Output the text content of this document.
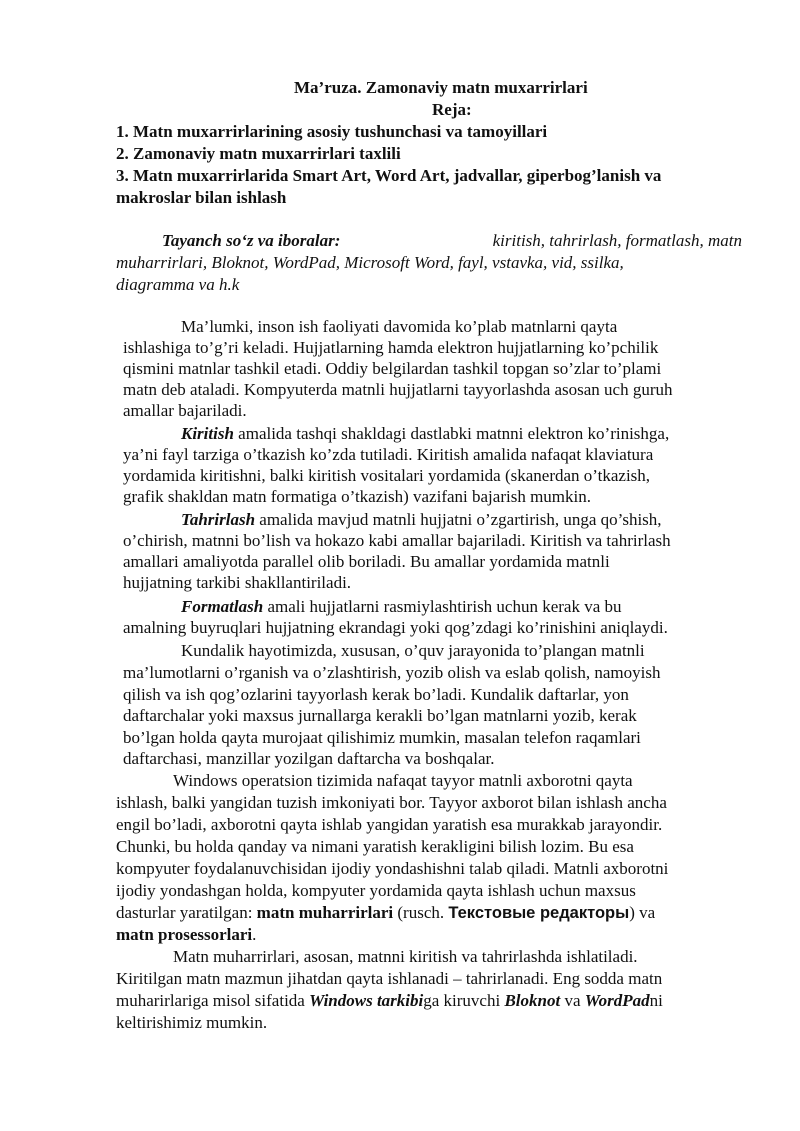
Ma’ruza. Zamonaviy matn muxarrirlari
Reja:
1. Matn muxarrirlarining asosiy tushunchasi va tamoyillari
2. Zamonaviy matn muxarrirlari taxlili
3. Matn muxarrirlarida Smart Art, Word Art, jadvallar, giperbog’lanish va
makroslar bilan ishlash
Tayanch so‘z va iboralar:	kiritish, tahrirlash, formatlash, matn
muharrirlari, Bloknot, WordPad, Microsoft Word, fayl, vstavka, vid, ssilka,
diagramma va h.k
Ma’lumki, inson ish faoliyati davomida ko’plab matnlarni qayta
ishlashiga to’g’ri keladi. Hujjatlarning hamda elektron hujjatlarning ko’pchilik
qismini matnlar tashkil etadi. Oddiy belgilardan tashkil topgan so’zlar to’plami
matn deb ataladi. Kompyuterda matnli hujjatlarni tayyorlashda asosan uch guruh
amallar bajariladi.
Kiritish amalida tashqi shakldagi dastlabki matnni elektron ko’rinishga,
ya’ni fayl tarziga o’tkazish ko’zda tutiladi. Kiritish amalida nafaqat klaviatura
yordamida kiritishni, balki kiritish vositalari yordamida (skanerdan o’tkazish,
grafik shakldan matn formatiga o’tkazish) vazifani bajarish mumkin.
Tahrirlash amalida mavjud matnli hujjatni o’zgartirish, unga qo’shish,
o’chirish, matnni bo’lish va hokazo kabi amallar bajariladi. Kiritish va tahrirlash
amallari amaliyotda parallel olib boriladi. Bu amallar yordamida matnli
hujjatning tarkibi shakllantiriladi.
Formatlash amali hujjatlarni rasmiylashtirish uchun kerak va bu
amalning buyruqlari hujjatning ekrandagi yoki qog’zdagi ko’rinishini aniqlaydi.
Kundalik hayotimizda, xususan, o’quv jarayonida to’plangan matnli
ma’lumotlarni o’rganish va o’zlashtirish, yozib olish va eslab qolish, namoyish
qilish va ish qog’ozlarini tayyorlash kerak bo’ladi. Kundalik daftarlar, yon
daftarchalar yoki maxsus jurnallarga kerakli bo’lgan matnlarni yozib, kerak
bo’lgan holda qayta murojaat qilishimiz mumkin, masalan telefon raqamlari
daftarchasi, manzillar yozilgan daftarcha va boshqalar.
Windows operatsion tizimida nafaqat tayyor matnli axborotni qayta
ishlash, balki yangidan tuzish imkoniyati bor. Tayyor axborot bilan ishlash ancha
engil bo’ladi, axborotni qayta ishlab yangidan yaratish esa murakkab jarayondir.
Chunki, bu holda qanday va nimani yaratish kerakligini bilish lozim. Bu esa
kompyuter foydalanuvchisidan ijodiy yondashishni talab qiladi. Matnli axborotni
ijodiy yondashgan holda, kompyuter yordamida qayta ishlash uchun maxsus
dasturlar yaratilgan: matn muharrirlari (rusch. Текстовые редакторы) va
matn prosessorlari.
Matn muharrirlari, asosan, matnni kiritish va tahrirlashda ishlatiladi.
Kiritilgan matn mazmun jihatdan qayta ishlanadi – tahrirlanadi. Eng sodda matn
muharirlariga misol sifatida Windows tarkibiga kiruvchi Bloknot va WordPadni
keltirishimiz mumkin.
